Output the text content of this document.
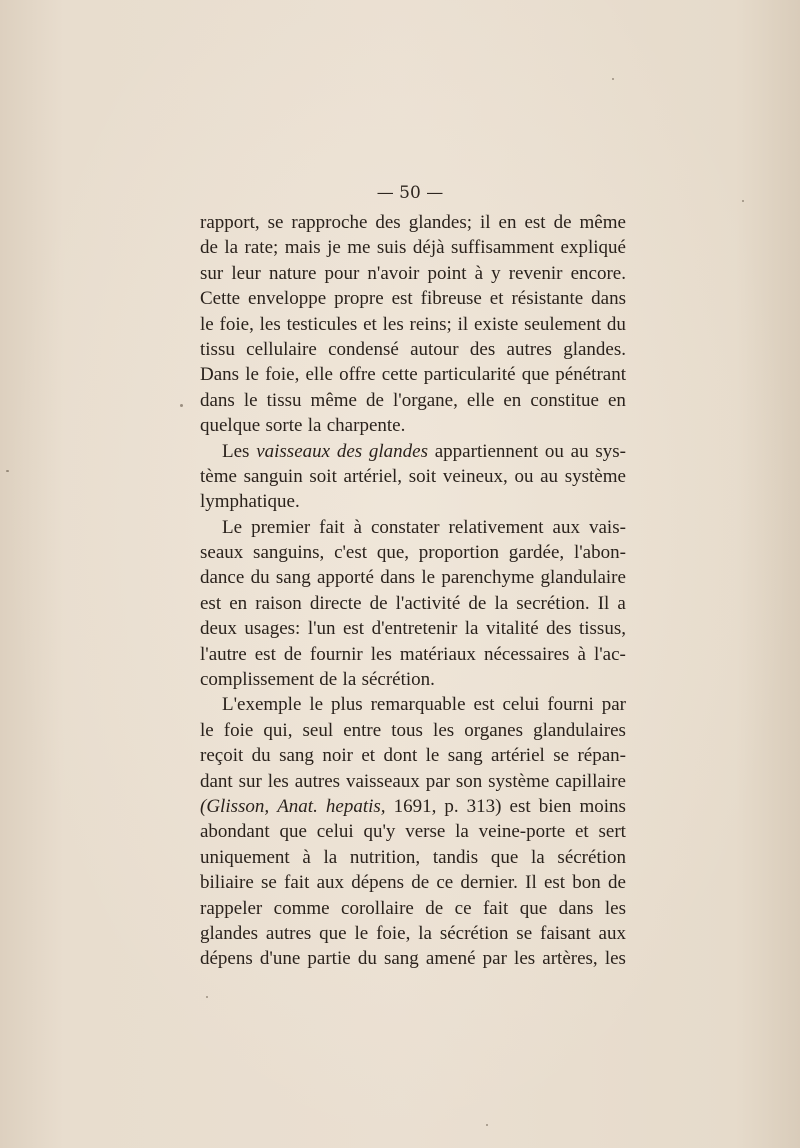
— 50 —
rapport, se rapproche des glandes; il en est de même
de la rate; mais je me suis déjà suffisamment expliqué
sur leur nature pour n'avoir point à y revenir encore.
Cette enveloppe propre est fibreuse et résistante dans
le foie, les testicules et les reins; il existe seulement du
tissu cellulaire condensé autour des autres glandes.
Dans le foie, elle offre cette particularité que pénétrant
dans le tissu même de l'organe, elle en constitue en
quelque sorte la charpente.
Les vaisseaux des glandes appartiennent ou au sys-
tème sanguin soit artériel, soit veineux, ou au système
lymphatique.
Le premier fait à constater relativement aux vais-
seaux sanguins, c'est que, proportion gardée, l'abon-
dance du sang apporté dans le parenchyme glandulaire
est en raison directe de l'activité de la secrétion. Il a
deux usages: l'un est d'entretenir la vitalité des tissus,
l'autre est de fournir les matériaux nécessaires à l'ac-
complissement de la sécrétion.
L'exemple le plus remarquable est celui fourni par
le foie qui, seul entre tous les organes glandulaires
reçoit du sang noir et dont le sang artériel se répan-
dant sur les autres vaisseaux par son système capillaire
(Glisson, Anat. hepatis, 1691, p. 313) est bien moins
abondant que celui qu'y verse la veine-porte et sert
uniquement à la nutrition, tandis que la sécrétion
biliaire se fait aux dépens de ce dernier. Il est bon de
rappeler comme corollaire de ce fait que dans les
glandes autres que le foie, la sécrétion se faisant aux
dépens d'une partie du sang amené par les artères, les
